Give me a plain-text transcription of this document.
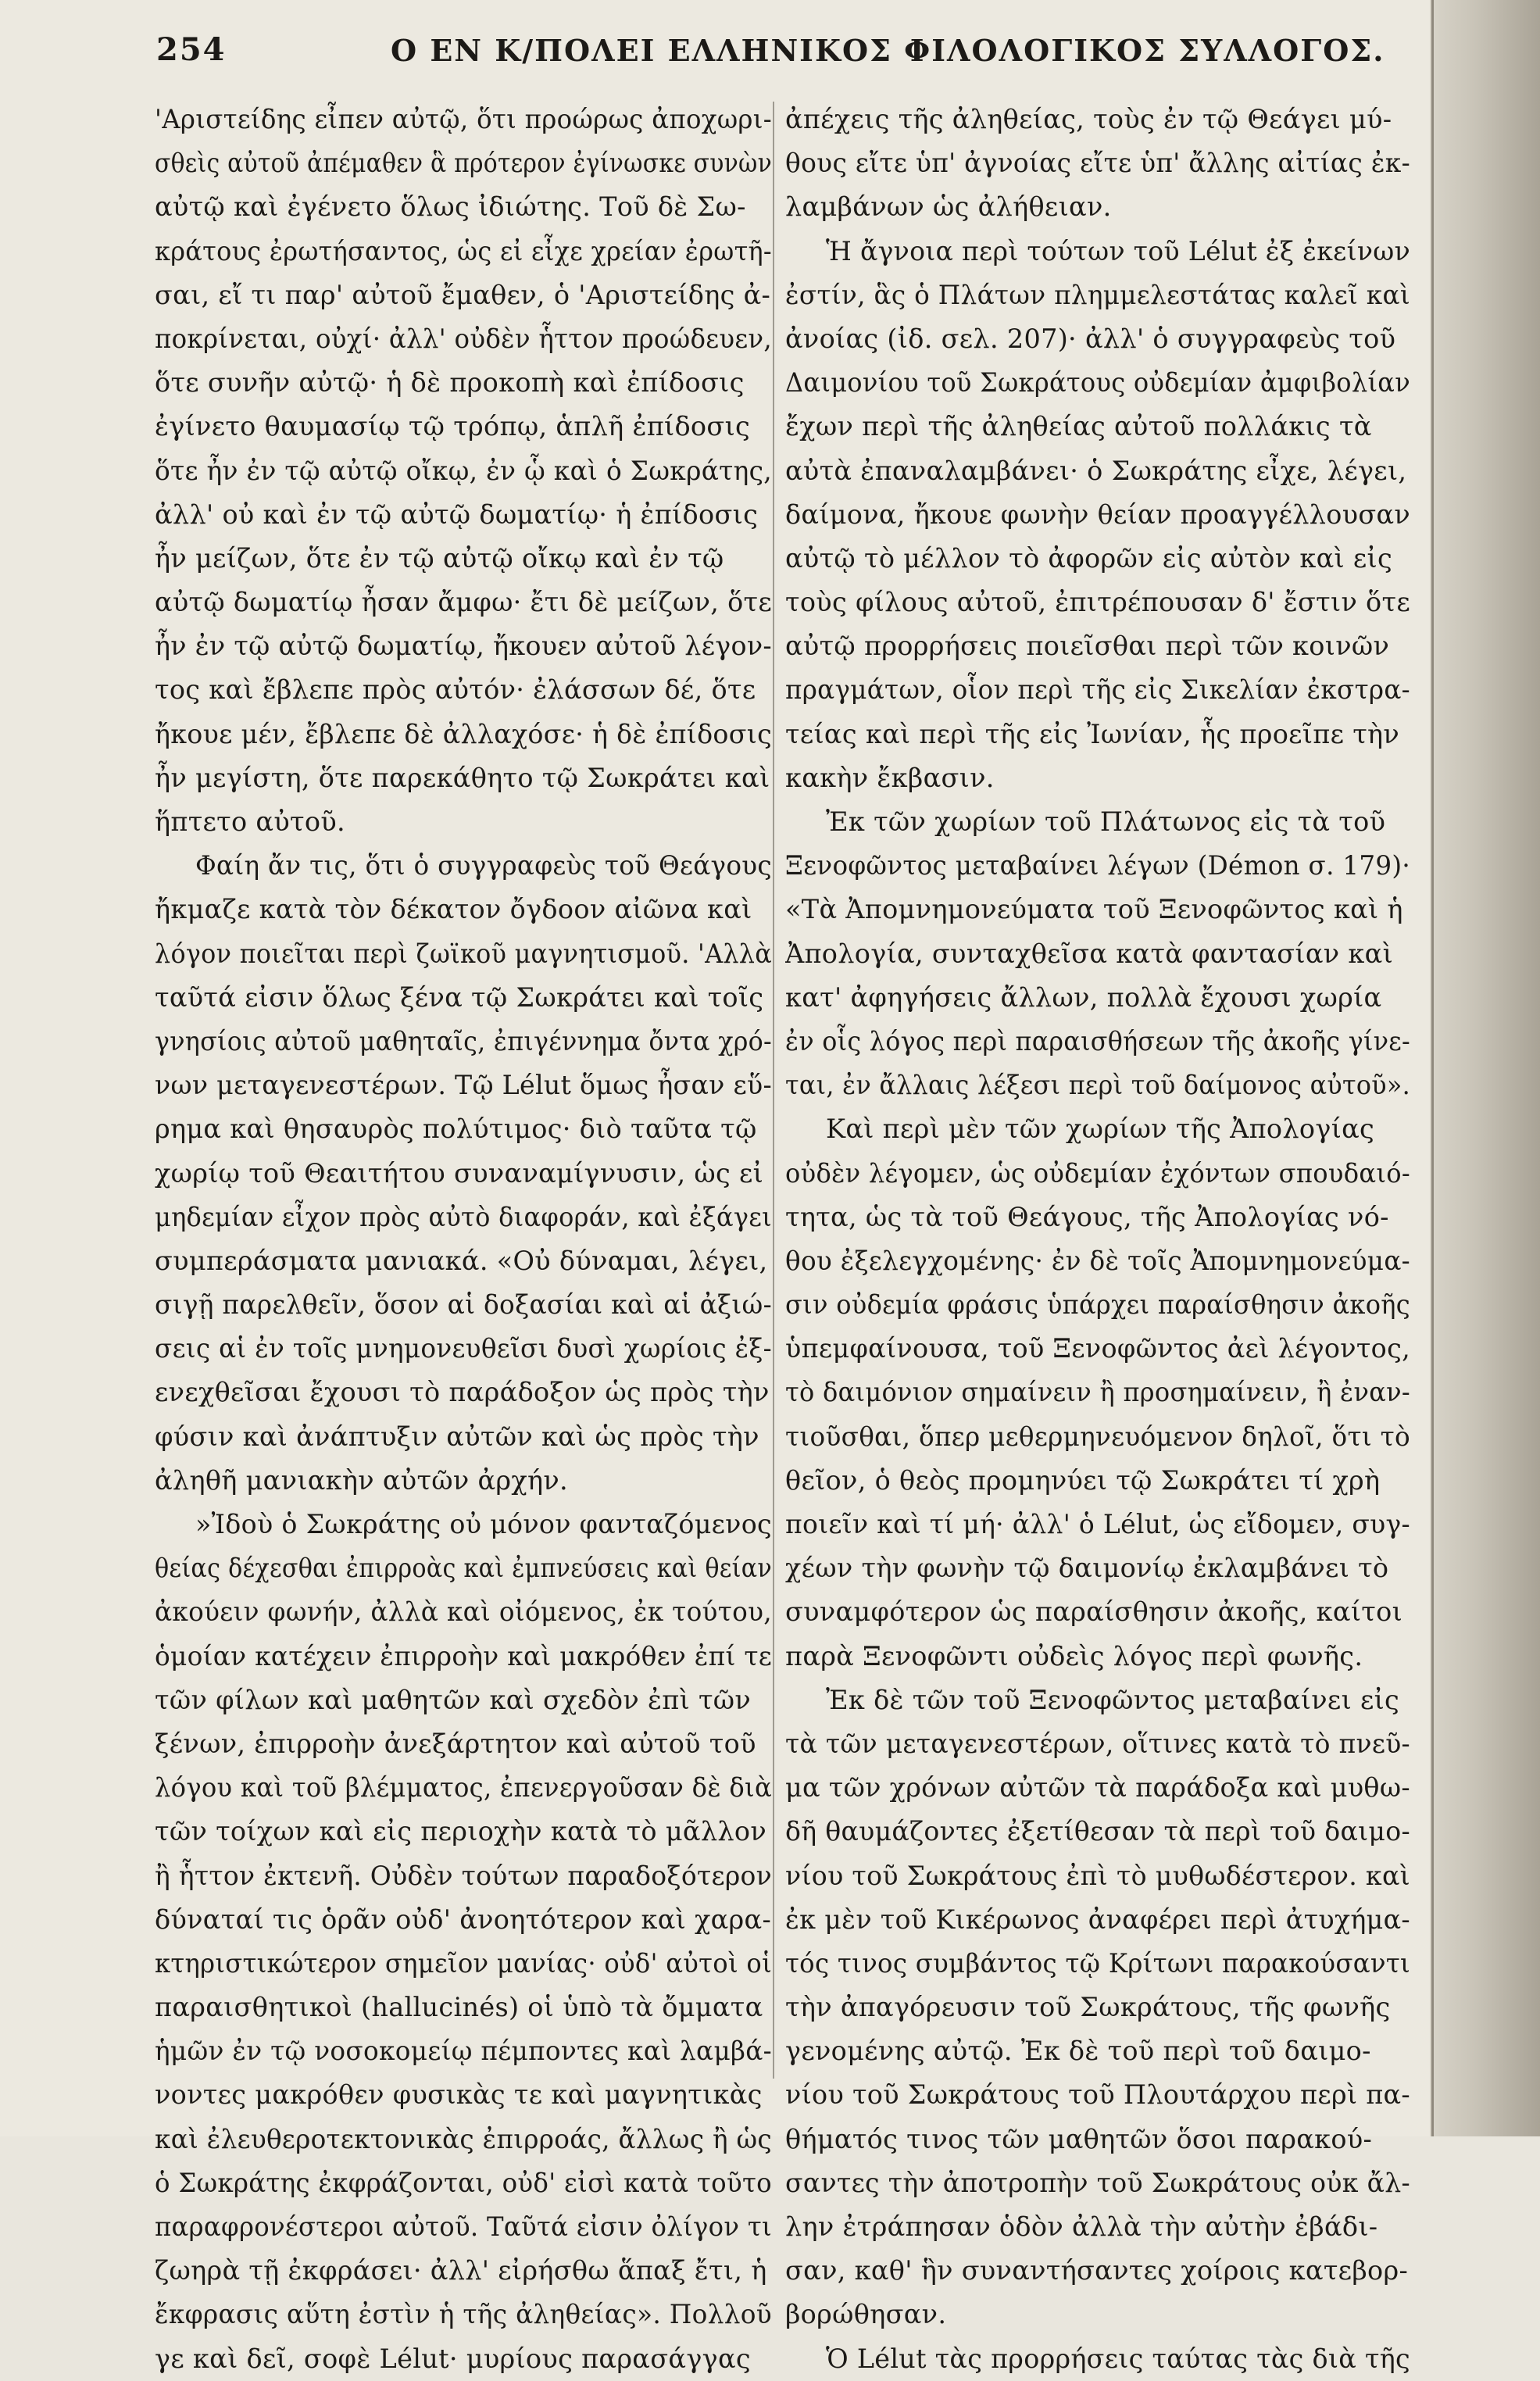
254	Ο ΕΝ Κ/ΠΟΛΕΙ ΕΛΛΗΝΙΚΟΣ ΦΙΛΟΛΟΓΙΚΟΣ ΣΥΛΛΟΓΟΣ.
'Αριστείδης εἶπεν αὐτῷ, ὅτι προώρως ἀποχωρι-
σθεὶς αὐτοῦ ἀπέμαθεν ἃ πρότερον ἐγίνωσκε συνὼν
αὐτῷ καὶ ἐγένετο ὅλως ἰδιώτης. Τοῦ δὲ Σω-
κράτους ἐρωτήσαντος, ὡς εἰ εἶχε χρείαν ἐρωτῆ-
σαι, εἴ τι παρ' αὐτοῦ ἔμαθεν, ὁ 'Αριστείδης ἀ-
ποκρίνεται, οὐχί· ἀλλ' οὐδὲν ἧττον προώδευεν,
ὅτε συνῆν αὐτῷ· ἡ δὲ προκοπὴ καὶ ἐπίδοσις
ἐγίνετο θαυμασίῳ τῷ τρόπῳ, ἁπλῆ ἐπίδοσις
ὅτε ἦν ἐν τῷ αὐτῷ οἴκῳ, ἐν ᾧ καὶ ὁ Σωκράτης,
ἀλλ' οὐ καὶ ἐν τῷ αὐτῷ δωματίῳ· ἡ ἐπίδοσις
ἦν μείζων, ὅτε ἐν τῷ αὐτῷ οἴκῳ καὶ ἐν τῷ
αὐτῷ δωματίῳ ἦσαν ἄμφω· ἔτι δὲ μείζων, ὅτε
ἦν ἐν τῷ αὐτῷ δωματίῳ, ἤκουεν αὐτοῦ λέγον-
τος καὶ ἔβλεπε πρὸς αὐτόν· ἐλάσσων δέ, ὅτε
ἤκουε μέν, ἔβλεπε δὲ ἀλλαχόσε· ἡ δὲ ἐπίδοσις
ἦν μεγίστη, ὅτε παρεκάθητο τῷ Σωκράτει καὶ
ἥπτετο αὐτοῦ.
Φαίη ἄν τις, ὅτι ὁ συγγραφεὺς τοῦ Θεάγους
ἤκμαζε κατὰ τὸν δέκατον ὄγδοον αἰῶνα καὶ
λόγον ποιεῖται περὶ ζωϊκοῦ μαγνητισμοῦ. 'Αλλὰ
ταῦτά εἰσιν ὅλως ξένα τῷ Σωκράτει καὶ τοῖς
γνησίοις αὐτοῦ μαθηταῖς, ἐπιγέννημα ὄντα χρό-
νων μεταγενεστέρων. Τῷ Lélut ὅμως ἦσαν εὕ-
ρημα καὶ θησαυρὸς πολύτιμος· διὸ ταῦτα τῷ
χωρίῳ τοῦ Θεαιτήτου συναναμίγνυσιν, ὡς εἰ
μηδεμίαν εἶχον πρὸς αὐτὸ διαφοράν, καὶ ἐξάγει
συμπεράσματα μανιακά. «Οὐ δύναμαι, λέγει,
σιγῇ παρελθεῖν, ὅσον αἱ δοξασίαι καὶ αἱ ἀξιώ-
σεις αἱ ἐν τοῖς μνημονευθεῖσι δυσὶ χωρίοις ἐξ-
ενεχθεῖσαι ἔχουσι τὸ παράδοξον ὡς πρὸς τὴν
φύσιν καὶ ἀνάπτυξιν αὐτῶν καὶ ὡς πρὸς τὴν
ἀληθῆ μανιακὴν αὐτῶν ἀρχήν.
»Ἰδοὺ ὁ Σωκράτης οὐ μόνον φανταζόμενος
θείας δέχεσθαι ἐπιρροὰς καὶ ἐμπνεύσεις καὶ θείαν
ἀκούειν φωνήν, ἀλλὰ καὶ οἰόμενος, ἐκ τούτου,
ὁμοίαν κατέχειν ἐπιρροὴν καὶ μακρόθεν ἐπί τε
τῶν φίλων καὶ μαθητῶν καὶ σχεδὸν ἐπὶ τῶν
ξένων, ἐπιρροὴν ἀνεξάρτητον καὶ αὐτοῦ τοῦ
λόγου καὶ τοῦ βλέμματος, ἐπενεργοῦσαν δὲ διὰ
τῶν τοίχων καὶ εἰς περιοχὴν κατὰ τὸ μᾶλλον
ἢ ἧττον ἐκτενῆ. Οὐδὲν τούτων παραδοξότερον
δύναταί τις ὁρᾶν οὐδ' ἀνοητότερον καὶ χαρα-
κτηριστικώτερον σημεῖον μανίας· οὐδ' αὐτοὶ οἱ
παραισθητικοὶ (hallucinés) οἱ ὑπὸ τὰ ὄμματα
ἡμῶν ἐν τῷ νοσοκομείῳ πέμποντες καὶ λαμβά-
νοντες μακρόθεν φυσικὰς τε καὶ μαγνητικὰς
καὶ ἐλευθεροτεκτονικὰς ἐπιρροάς, ἄλλως ἢ ὡς
ὁ Σωκράτης ἐκφράζονται, οὐδ' εἰσὶ κατὰ τοῦτο
παραφρονέστεροι αὐτοῦ. Ταῦτά εἰσιν ὀλίγον τι
ζωηρὰ τῇ ἐκφράσει· ἀλλ' εἰρήσθω ἅπαξ ἔτι, ἡ
ἔκφρασις αὕτη ἐστὶν ἡ τῆς ἀληθείας». Πολλοῦ
γε καὶ δεῖ, σοφὲ Lélut· μυρίους παρασάγγας
ἀπέχεις τῆς ἀληθείας, τοὺς ἐν τῷ Θεάγει μύ-
θους εἴτε ὑπ' ἀγνοίας εἴτε ὑπ' ἄλλης αἰτίας ἐκ-
λαμβάνων ὡς ἀλήθειαν.
Ἡ ἄγνοια περὶ τούτων τοῦ Lélut ἐξ ἐκείνων
ἐστίν, ἃς ὁ Πλάτων πλημμελεστάτας καλεῖ καὶ
ἀνοίας (ἰδ. σελ. 207)· ἀλλ' ὁ συγγραφεὺς τοῦ
Δαιμονίου τοῦ Σωκράτους οὐδεμίαν ἀμφιβολίαν
ἔχων περὶ τῆς ἀληθείας αὐτοῦ πολλάκις τὰ
αὐτὰ ἐπαναλαμβάνει· ὁ Σωκράτης εἶχε, λέγει,
δαίμονα, ἤκουε φωνὴν θείαν προαγγέλλουσαν
αὐτῷ τὸ μέλλον τὸ ἀφορῶν εἰς αὐτὸν καὶ εἰς
τοὺς φίλους αὐτοῦ, ἐπιτρέπουσαν δ' ἔστιν ὅτε
αὐτῷ προρρήσεις ποιεῖσθαι περὶ τῶν κοινῶν
πραγμάτων, οἷον περὶ τῆς εἰς Σικελίαν ἐκστρα-
τείας καὶ περὶ τῆς εἰς Ἰωνίαν, ἧς προεῖπε τὴν
κακὴν ἔκβασιν.
Ἐκ τῶν χωρίων τοῦ Πλάτωνος εἰς τὰ τοῦ
Ξενοφῶντος μεταβαίνει λέγων (Démon σ. 179)·
«Τὰ Ἀπομνημονεύματα τοῦ Ξενοφῶντος καὶ ἡ
Ἀπολογία, συνταχθεῖσα κατὰ φαντασίαν καὶ
κατ' ἀφηγήσεις ἄλλων, πολλὰ ἔχουσι χωρία
ἐν οἷς λόγος περὶ παραισθήσεων τῆς ἀκοῆς γίνε-
ται, ἐν ἄλλαις λέξεσι περὶ τοῦ δαίμονος αὐτοῦ».
Καὶ περὶ μὲν τῶν χωρίων τῆς Ἀπολογίας
οὐδὲν λέγομεν, ὡς οὐδεμίαν ἐχόντων σπουδαιό-
τητα, ὡς τὰ τοῦ Θεάγους, τῆς Ἀπολογίας νό-
θου ἐξελεγχομένης· ἐν δὲ τοῖς Ἀπομνημονεύμα-
σιν οὐδεμία φράσις ὑπάρχει παραίσθησιν ἀκοῆς
ὑπεμφαίνουσα, τοῦ Ξενοφῶντος ἀεὶ λέγοντος,
τὸ δαιμόνιον σημαίνειν ἢ προσημαίνειν, ἢ ἐναν-
τιοῦσθαι, ὅπερ μεθερμηνευόμενον δηλοῖ, ὅτι τὸ
θεῖον, ὁ θεὸς προμηνύει τῷ Σωκράτει τί χρὴ
ποιεῖν καὶ τί μή· ἀλλ' ὁ Lélut, ὡς εἴδομεν, συγ-
χέων τὴν φωνὴν τῷ δαιμονίῳ ἐκλαμβάνει τὸ
συναμφότερον ὡς παραίσθησιν ἀκοῆς, καίτοι
παρὰ Ξενοφῶντι οὐδεὶς λόγος περὶ φωνῆς.
Ἐκ δὲ τῶν τοῦ Ξενοφῶντος μεταβαίνει εἰς
τὰ τῶν μεταγενεστέρων, οἵτινες κατὰ τὸ πνεῦ-
μα τῶν χρόνων αὐτῶν τὰ παράδοξα καὶ μυθω-
δῆ θαυμάζοντες ἐξετίθεσαν τὰ περὶ τοῦ δαιμο-
νίου τοῦ Σωκράτους ἐπὶ τὸ μυθωδέστερον. καὶ
ἐκ μὲν τοῦ Κικέρωνος ἀναφέρει περὶ ἀτυχήμα-
τός τινος συμβάντος τῷ Κρίτωνι παρακούσαντι
τὴν ἀπαγόρευσιν τοῦ Σωκράτους, τῆς φωνῆς
γενομένης αὐτῷ. Ἐκ δὲ τοῦ περὶ τοῦ δαιμο-
νίου τοῦ Σωκράτους τοῦ Πλουτάρχου περὶ πα-
θήματός τινος τῶν μαθητῶν ὅσοι παρακού-
σαντες τὴν ἀποτροπὴν τοῦ Σωκράτους οὐκ ἄλ-
λην ἐτράπησαν ὁδὸν ἀλλὰ τὴν αὐτὴν ἐβάδι-
σαν, καθ' ἣν συναντήσαντες χοίροις κατεβορ-
βορώθησαν.
Ὁ Lélut τὰς προρρήσεις ταύτας τὰς διὰ τῆς
